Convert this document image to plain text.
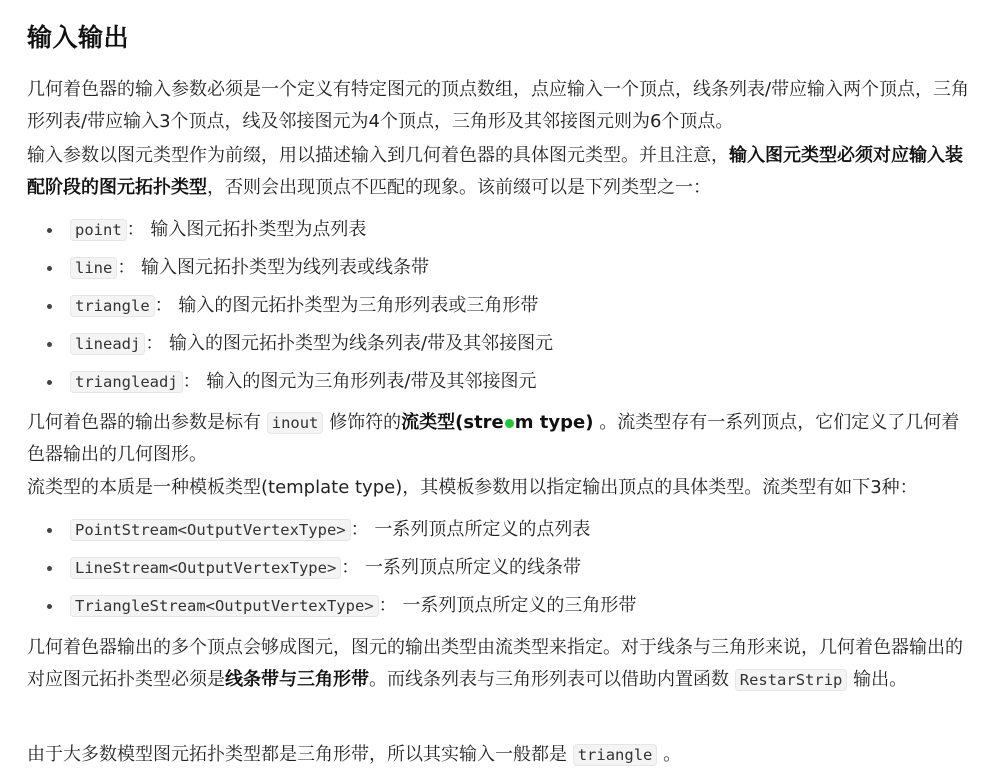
输入输出

几何着色器的输入参数必须是一个定义有特定图元的顶点数组，点应输入一个顶点，线条列表/带应输入两个顶点，三角形列表/带应输入3个顶点，线及邻接图元为4个顶点，三角形及其邻接图元则为6个顶点。

输入参数以图元类型作为前缀，用以描述输入到几何着色器的具体图元类型。并且注意，输入图元类型必须对应输入装配阶段的图元拓扑类型，否则会出现顶点不匹配的现象。该前缀可以是下列类型之一：

point ： 输入图元拓扑类型为点列表
line ： 输入图元拓扑类型为线列表或线条带
triangle ： 输入的图元拓扑类型为三角形列表或三角形带
lineadj ： 输入的图元拓扑类型为线条列表/带及其邻接图元
triangleadj ： 输入的图元为三角形列表/带及其邻接图元

几何着色器的输出参数是标有 inout 修饰符的流类型(stre m type) 。流类型存有一系列顶点，它们定义了几何着色器输出的几何图形。

流类型的本质是一种模板类型(template type)，其模板参数用以指定输出顶点的具体类型。流类型有如下3种：

PointStream<OutputVertexType> ： 一系列顶点所定义的点列表
LineStream<OutputVertexType> ： 一系列顶点所定义的线条带
TriangleStream<OutputVertexType> ： 一系列顶点所定义的三角形带

几何着色器输出的多个顶点会够成图元，图元的输出类型由流类型来指定。对于线条与三角形来说，几何着色器输出的对应图元拓扑类型必须是线条带与三角形带。而线条列表与三角形列表可以借助内置函数 RestarStrip 输出。

由于大多数模型图元拓扑类型都是三角形带，所以其实输入一般都是 triangle 。
